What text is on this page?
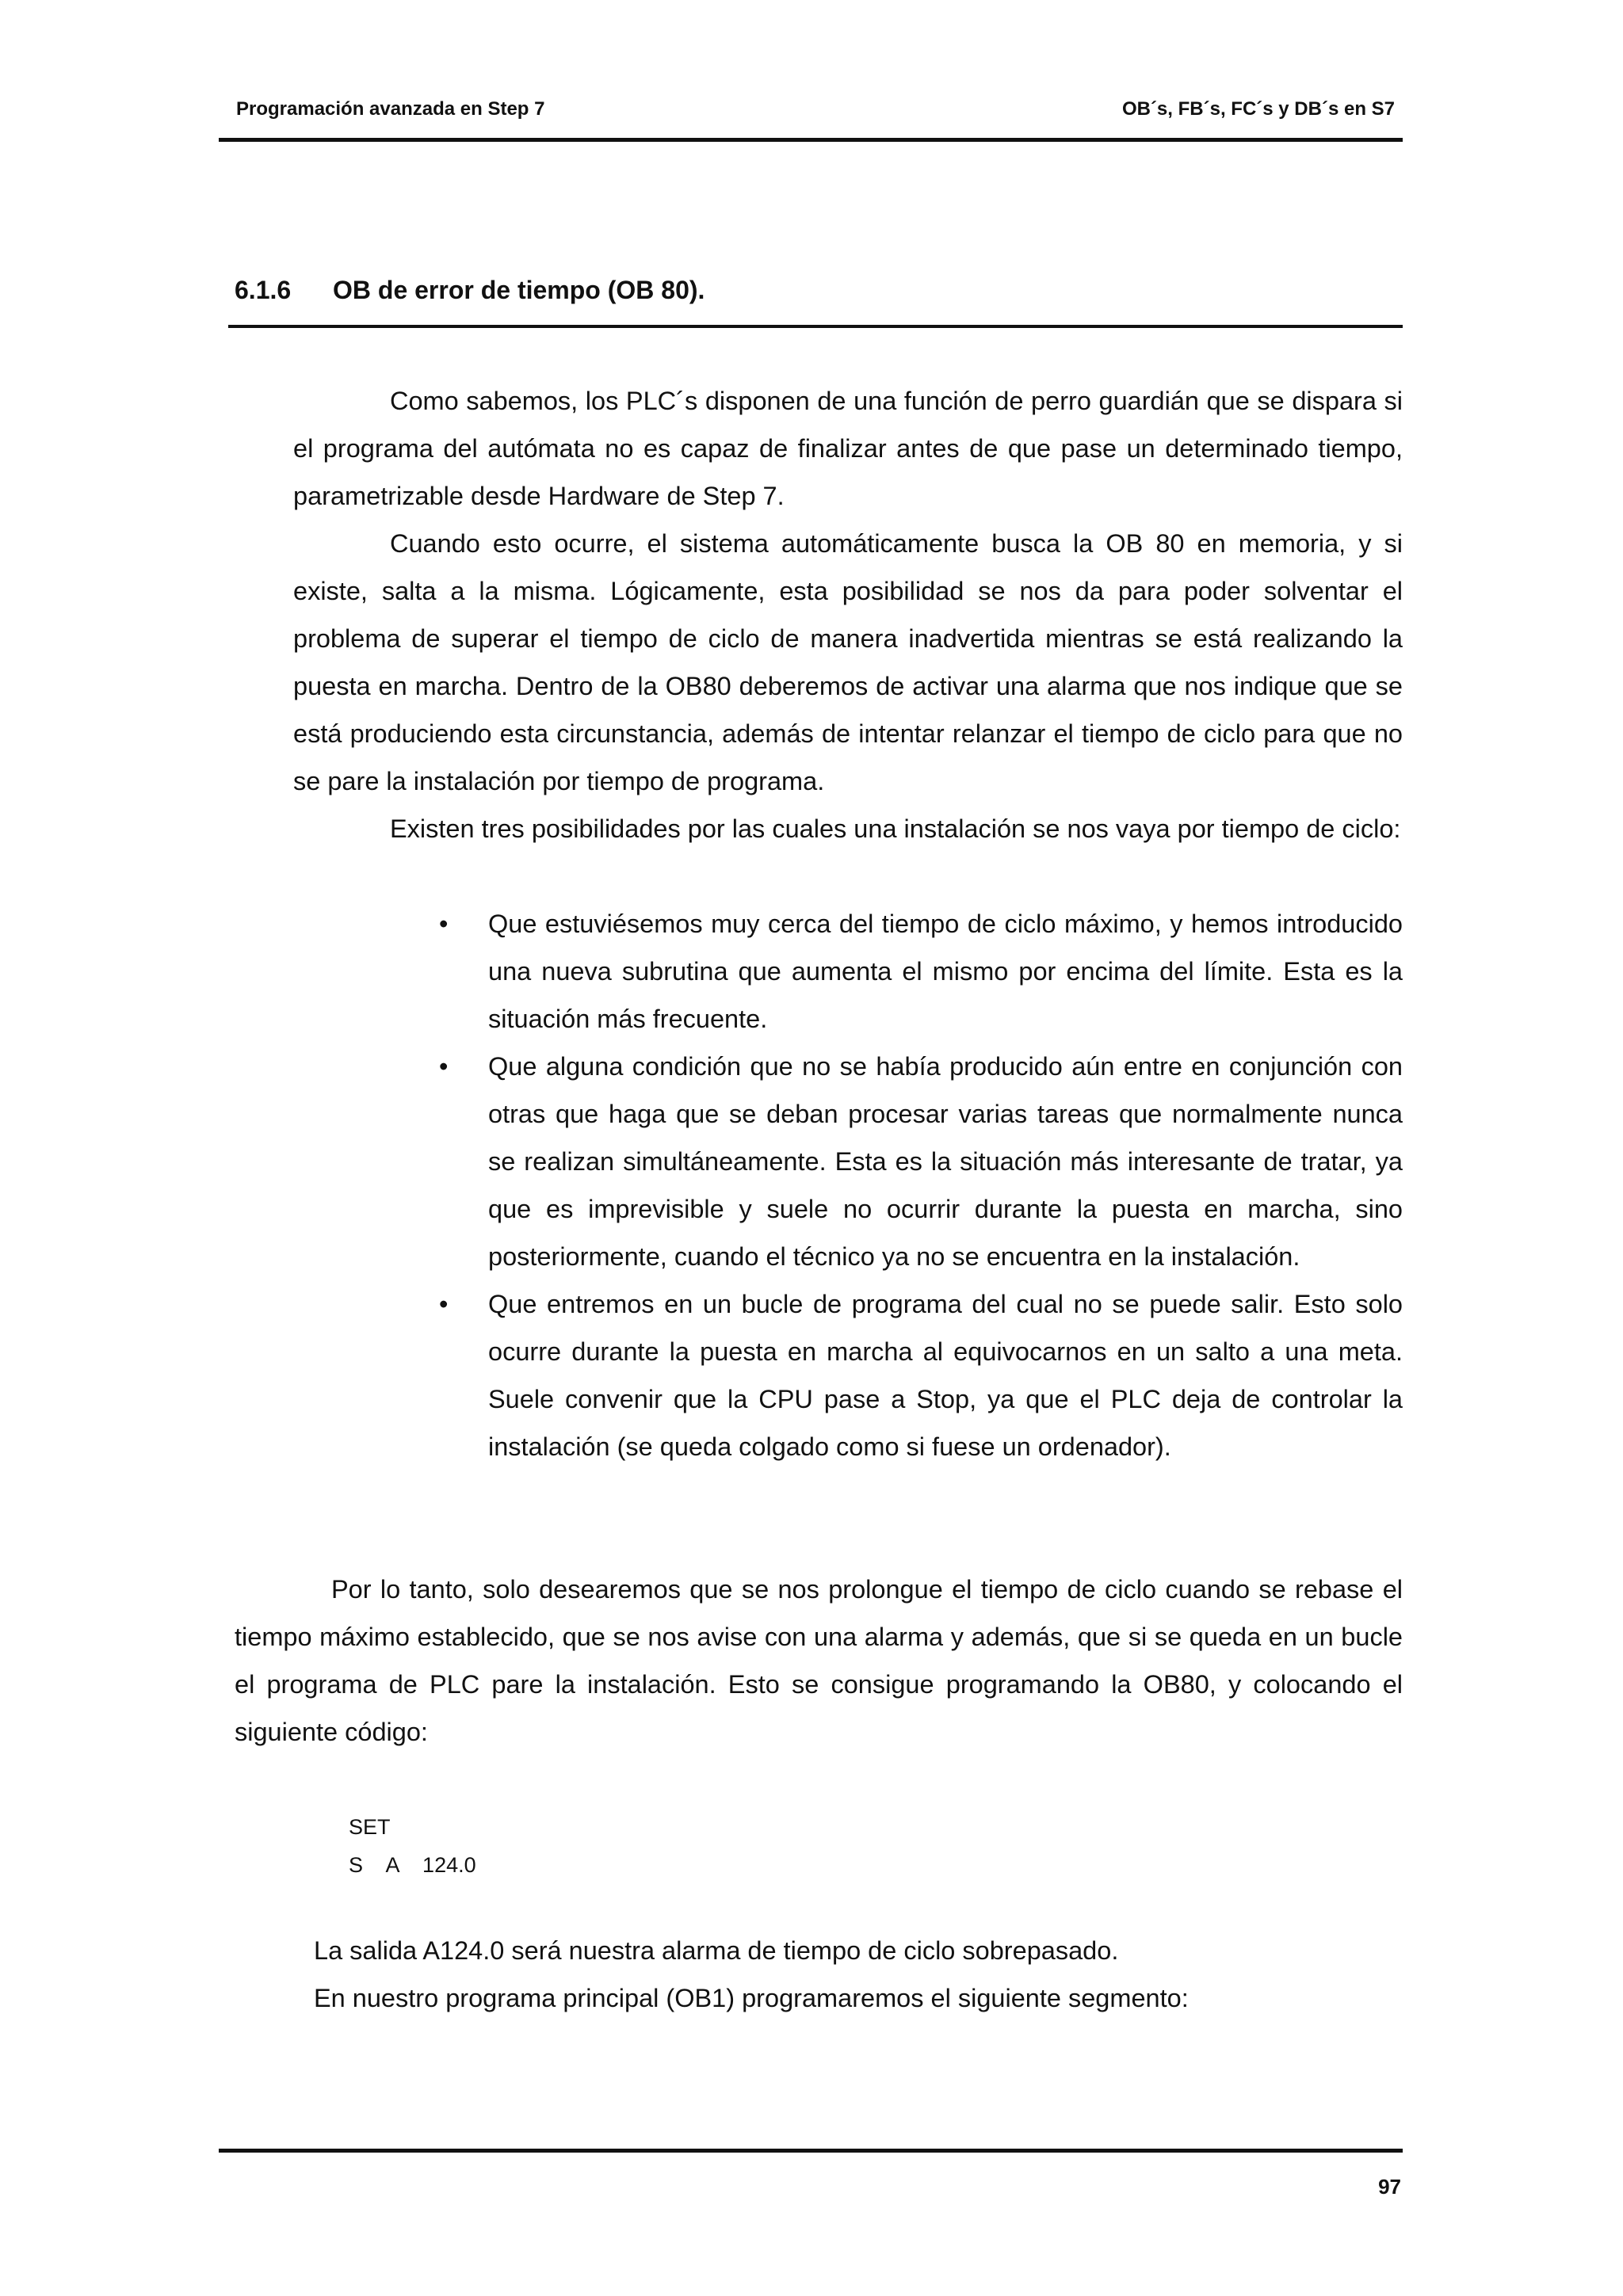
Programación avanzada en Step 7	OB´s, FB´s, FC´s y DB´s en S7
6.1.6 OB de error de tiempo (OB 80).

Como sabemos, los PLC´s disponen de una función de perro guardián que se dispara si el programa del autómata no es capaz de finalizar antes de que pase un determinado tiempo, parametrizable desde Hardware de Step 7.

Cuando esto ocurre, el sistema automáticamente busca la OB 80 en memoria, y si existe, salta a la misma. Lógicamente, esta posibilidad se nos da para poder solventar el problema de superar el tiempo de ciclo de manera inadvertida mientras se está realizando la puesta en marcha. Dentro de la OB80 deberemos de activar una alarma que nos indique que se está produciendo esta circunstancia, además de intentar relanzar el tiempo de ciclo para que no se pare la instalación por tiempo de programa.

Existen tres posibilidades por las cuales una instalación se nos vaya por tiempo de ciclo:

• Que estuviésemos muy cerca del tiempo de ciclo máximo, y hemos introducido una nueva subrutina que aumenta el mismo por encima del límite. Esta es la situación más frecuente.
• Que alguna condición que no se había producido aún entre en conjunción con otras que haga que se deban procesar varias tareas que normalmente nunca se realizan simultáneamente. Esta es la situación más interesante de tratar, ya que es imprevisible y suele no ocurrir durante la puesta en marcha, sino posteriormente, cuando el técnico ya no se encuentra en la instalación.
• Que entremos en un bucle de programa del cual no se puede salir. Esto solo ocurre durante la puesta en marcha al equivocarnos en un salto a una meta. Suele convenir que la CPU pase a Stop, ya que el PLC deja de controlar la instalación (se queda colgado como si fuese un ordenador).

Por lo tanto, solo desearemos que se nos prolongue el tiempo de ciclo cuando se rebase el tiempo máximo establecido, que se nos avise con una alarma y además, que si se queda en un bucle el programa de PLC pare la instalación. Esto se consigue programando la OB80, y colocando el siguiente código:

SET
S    A    124.0

La salida A124.0 será nuestra alarma de tiempo de ciclo sobrepasado.

En nuestro programa principal (OB1) programaremos el siguiente segmento:

97
